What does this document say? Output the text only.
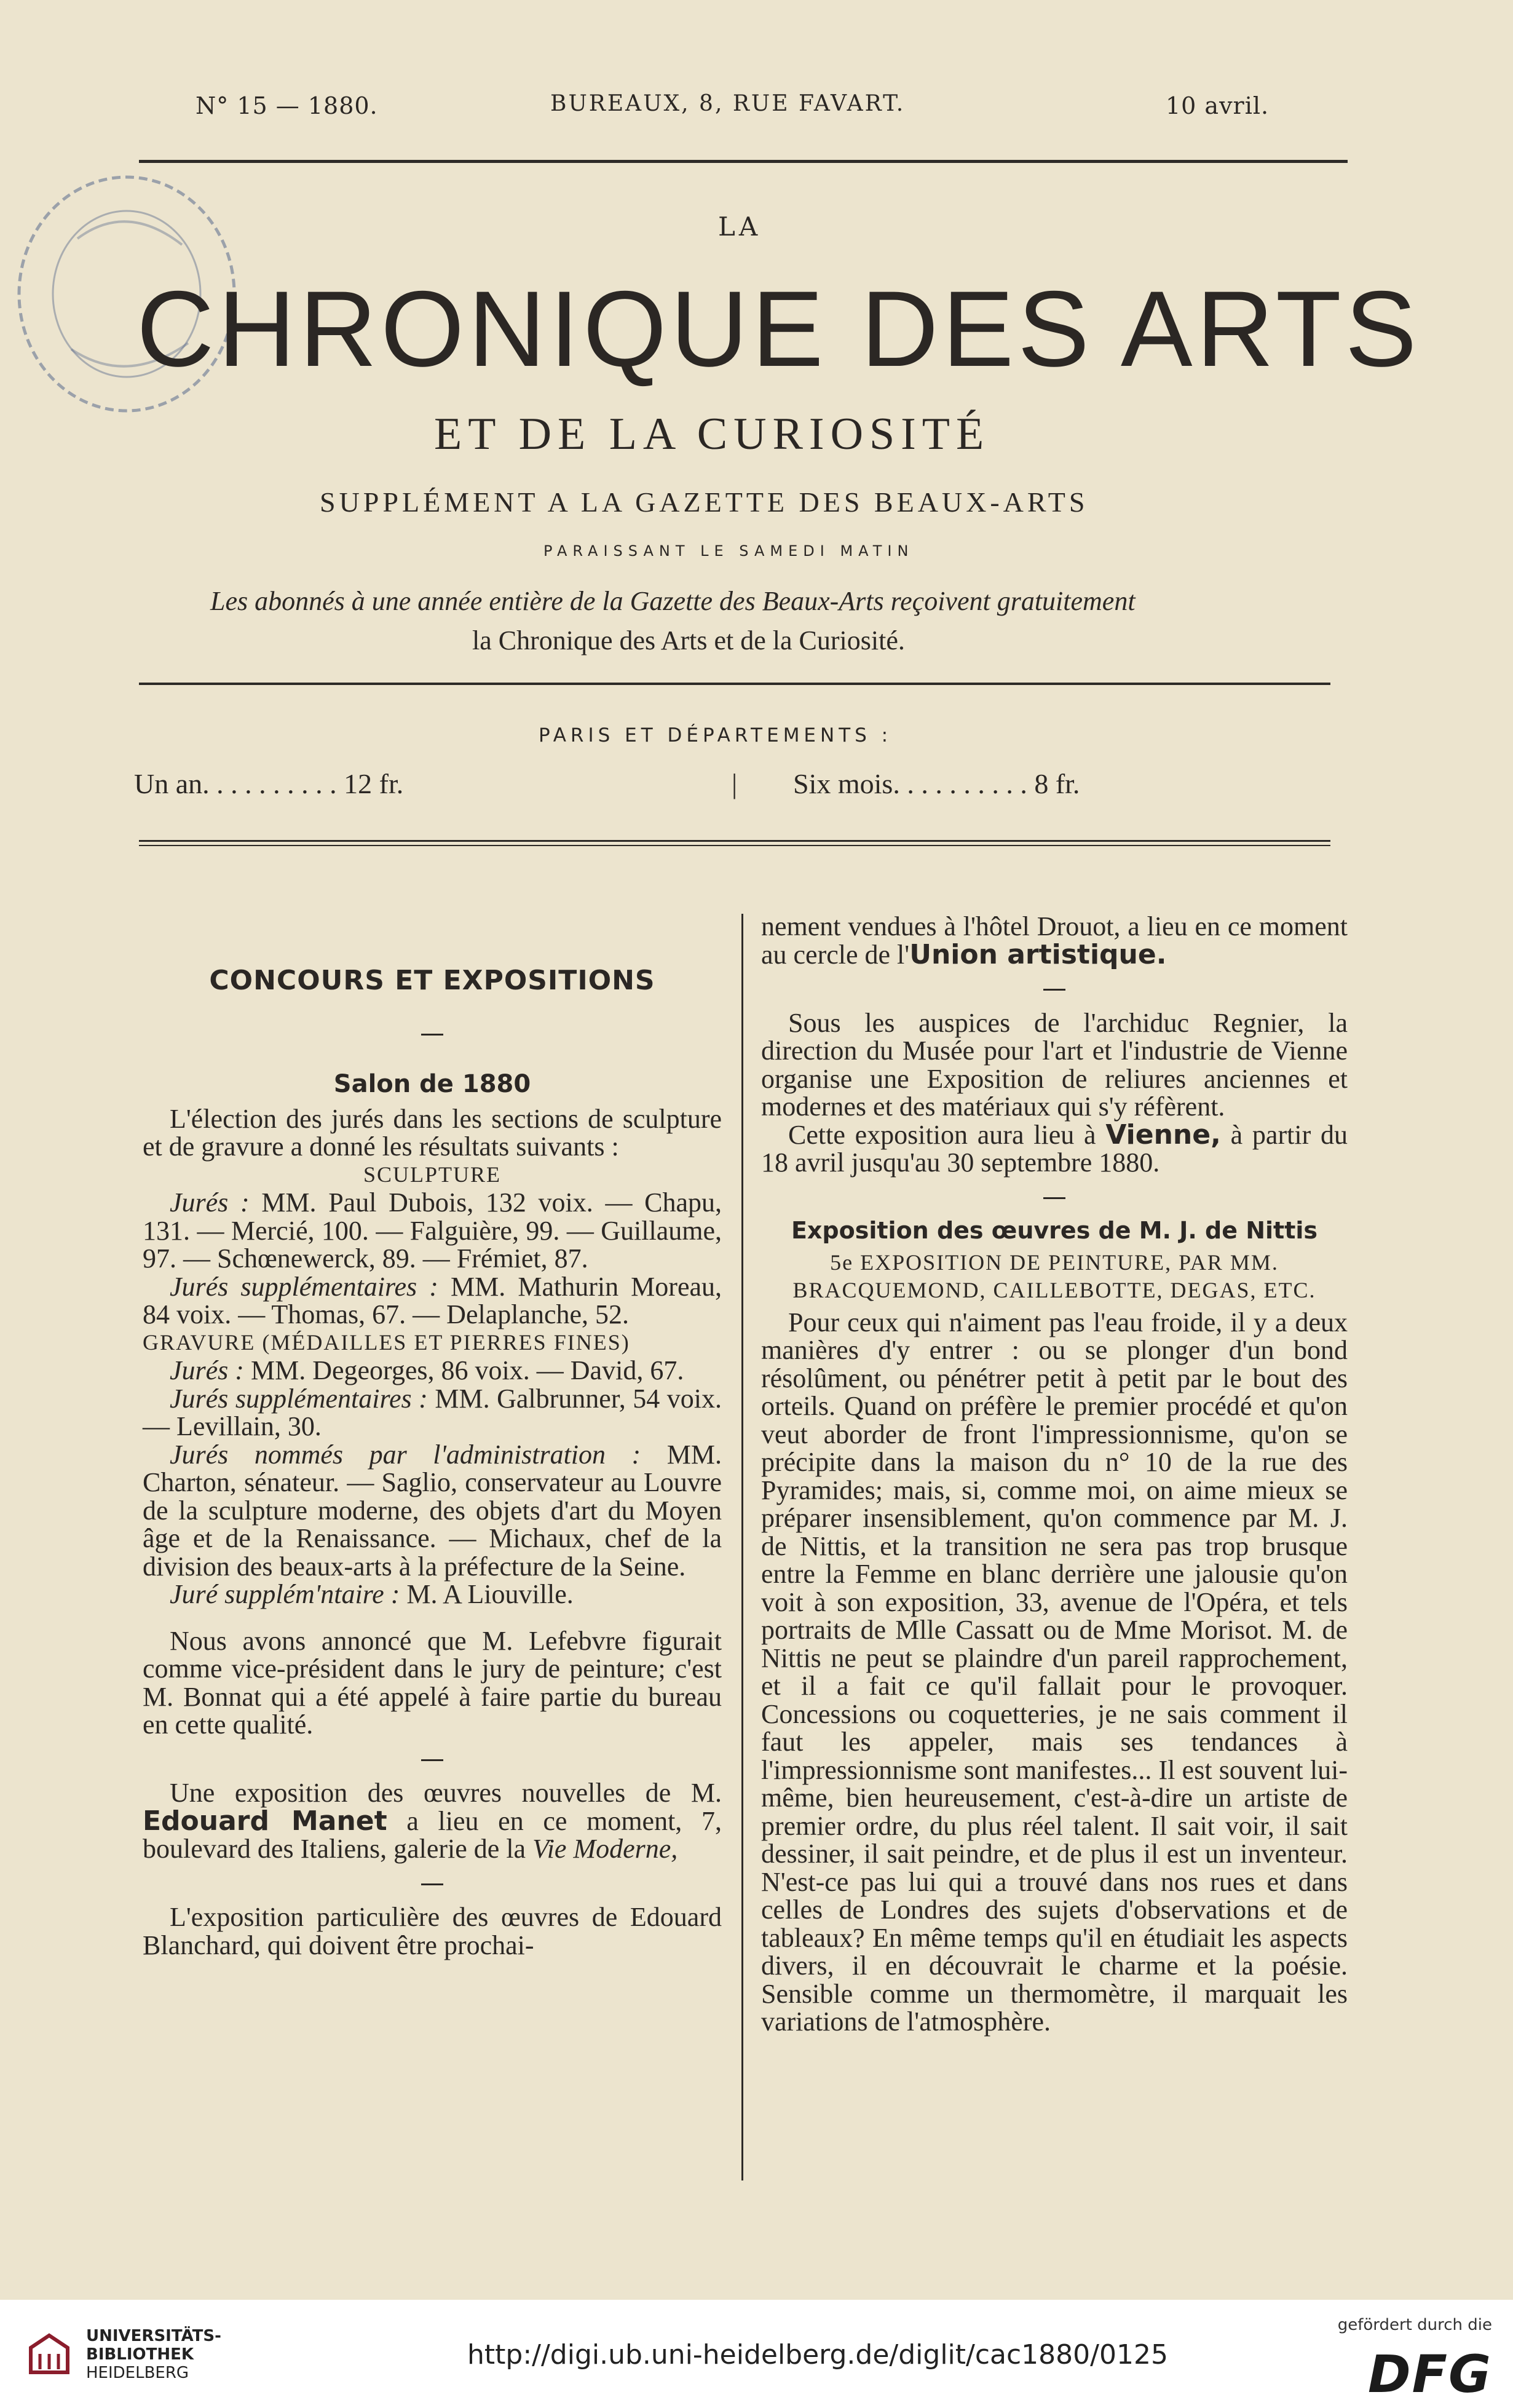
N° 15 — 1880.	BUREAUX, 8, RUE FAVART.	10 avril.
LA
CHRONIQUE DES ARTS
ET DE LA CURIOSITÉ
SUPPLÉMENT A LA GAZETTE DES BEAUX-ARTS
PARAISSANT LE SAMEDI MATIN
Les abonnés à une année entière de la Gazette des Beaux-Arts reçoivent gratuitement
la Chronique des Arts et de la Curiosité.
PARIS ET DÉPARTEMENTS :
Un an. . . . . . . . . . 12 fr.	| Six mois. . . . . . . . . . 8 fr.

CONCOURS ET EXPOSITIONS

Salon de 1880

L'élection des jurés dans les sections de sculpture et de gravure a donné les résultats suivants :

SCULPTURE

Jurés : MM. Paul Dubois, 132 voix. — Chapu, 131. — Mercié, 100. — Falguière, 99. — Guillaume, 97. — Schœnewerck, 89. — Frémiet, 87.

Jurés supplémentaires : MM. Mathurin Moreau, 84 voix. — Thomas, 67. — Delaplanche, 52.

GRAVURE (MÉDAILLES ET PIERRES FINES)

Jurés : MM. Degeorges, 86 voix. — David, 67.

Jurés supplémentaires : MM. Galbrunner, 54 voix. — Levillain, 30.

Jurés nommés par l'administration : MM. Charton, sénateur. — Saglio, conservateur au Louvre de la sculpture moderne, des objets d'art du Moyen âge et de la Renaissance. — Michaux, chef de la division des beaux-arts à la préfecture de la Seine.

Juré supplém'ntaire : M. A Liouville.

Nous avons annoncé que M. Lefebvre figurait comme vice-président dans le jury de peinture; c'est M. Bonnat qui a été appelé à faire partie du bureau en cette qualité.

Une exposition des œuvres nouvelles de M. Edouard Manet a lieu en ce moment, 7, boulevard des Italiens, galerie de la Vie Moderne,

L'exposition particulière des œuvres de Edouard Blanchard, qui doivent être prochai-

nement vendues à l'hôtel Drouot, a lieu en ce moment au cercle de l'Union artistique.

Sous les auspices de l'archiduc Regnier, la direction du Musée pour l'art et l'industrie de Vienne organise une Exposition de reliures anciennes et modernes et des matériaux qui s'y réfèrent.

Cette exposition aura lieu à Vienne, à partir du 18 avril jusqu'au 30 septembre 1880.

Exposition des œuvres de M. J. de Nittis

5e EXPOSITION DE PEINTURE, PAR MM. BRACQUEMOND, CAILLEBOTTE, DEGAS, ETC.

Pour ceux qui n'aiment pas l'eau froide, il y a deux manières d'y entrer : ou se plonger d'un bond résolûment, ou pénétrer petit à petit par le bout des orteils. Quand on préfère le premier procédé et qu'on veut aborder de front l'impressionnisme, qu'on se précipite dans la maison du n° 10 de la rue des Pyramides; mais, si, comme moi, on aime mieux se préparer insensiblement, qu'on commence par M. J. de Nittis, et la transition ne sera pas trop brusque entre la Femme en blanc derrière une jalousie qu'on voit à son exposition, 33, avenue de l'Opéra, et tels portraits de Mlle Cassatt ou de Mme Morisot. M. de Nittis ne peut se plaindre d'un pareil rapprochement, et il a fait ce qu'il fallait pour le provoquer. Concessions ou coquetteries, je ne sais comment il faut les appeler, mais ses tendances à l'impressionnisme sont manifestes... Il est souvent lui-même, bien heureusement, c'est-à-dire un artiste de premier ordre, du plus réel talent. Il sait voir, il sait dessiner, il sait peindre, et de plus il est un inventeur. N'est-ce pas lui qui a trouvé dans nos rues et dans celles de Londres des sujets d'observations et de tableaux? En même temps qu'il en étudiait les aspects divers, il en découvrait le charme et la poésie. Sensible comme un thermomètre, il marquait les variations de l'atmosphère.

UNIVERSITÄTS-
BIBLIOTHEK
HEIDELBERG
http://digi.ub.uni-heidelberg.de/diglit/cac1880/0125
gefördert durch die
DFG
